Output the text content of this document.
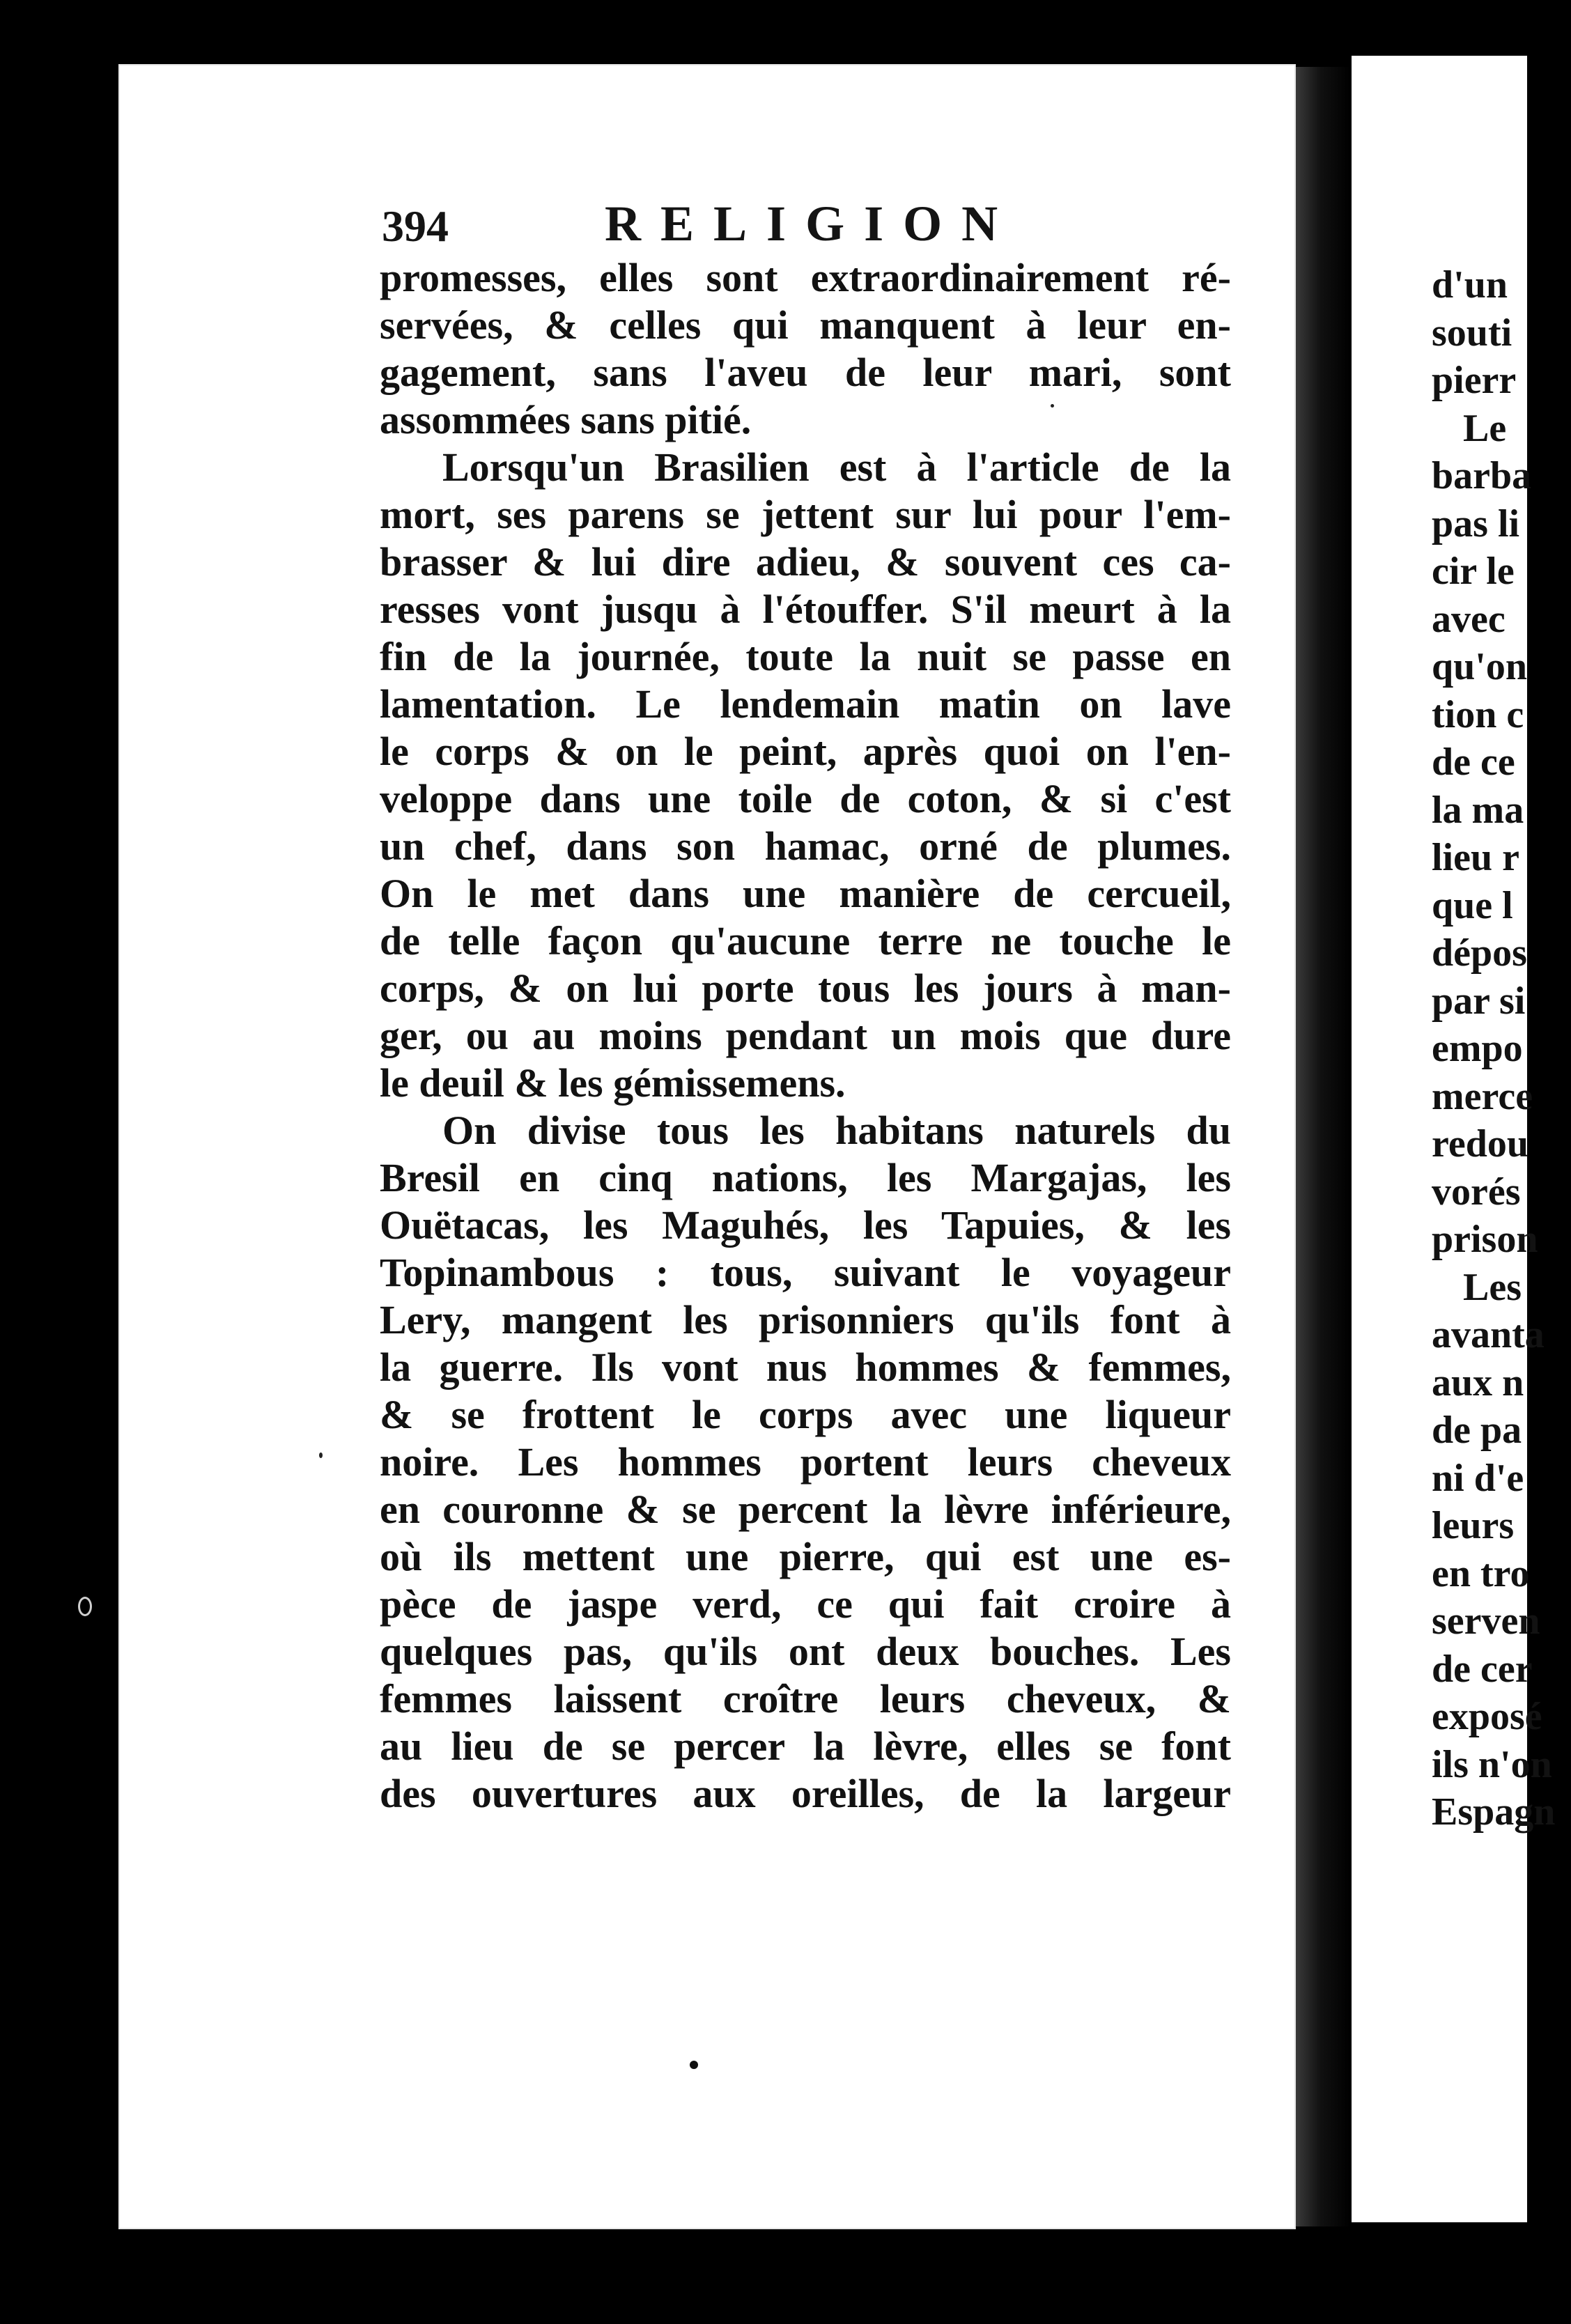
394	RELIGION
promesses, elles sont extraordinairement ré-
servées, & celles qui manquent à leur en-
gagement, sans l'aveu de leur mari, sont
assommées sans pitié.
Lorsqu'un Brasilien est à l'article de la
mort, ses parens se jettent sur lui pour l'em-
brasser & lui dire adieu, & souvent ces ca-
resses vont jusqu à l'étouffer. S'il meurt à la
fin de la journée, toute la nuit se passe en
lamentation. Le lendemain matin on lave
le corps & on le peint, après quoi on l'en-
veloppe dans une toile de coton, & si c'est
un chef, dans son hamac, orné de plumes.
On le met dans une manière de cercueil,
de telle façon qu'aucune terre ne touche le
corps, & on lui porte tous les jours à man-
ger, ou au moins pendant un mois que dure
le deuil & les gémissemens.
On divise tous les habitans naturels du
Bresil en cinq nations, les Margajas, les
Ouëtacas, les Maguhés, les Tapuies, & les
Topinambous : tous, suivant le voyageur
Lery, mangent les prisonniers qu'ils font à
la guerre. Ils vont nus hommes & femmes,
& se frottent le corps avec une liqueur
noire. Les hommes portent leurs cheveux
en couronne & se percent la lèvre inférieure,
où ils mettent une pierre, qui est une es-
pèce de jaspe verd, ce qui fait croire à
quelques pas, qu'ils ont deux bouches. Les
femmes laissent croître leurs cheveux, &
au lieu de se percer la lèvre, elles se font
des ouvertures aux oreilles, de la largeur
d'un
souti
pierr
Le
barba
pas li
cir le
avec
qu'on
tion c
de ce
la ma
lieu r
que l
dépos
par si
empo
merce
redou
vorés
prison
Les
avanta
aux n
de pa
ni d'e
leurs
en tro
serven
de cer
exposé
ils n'on
Espagn
